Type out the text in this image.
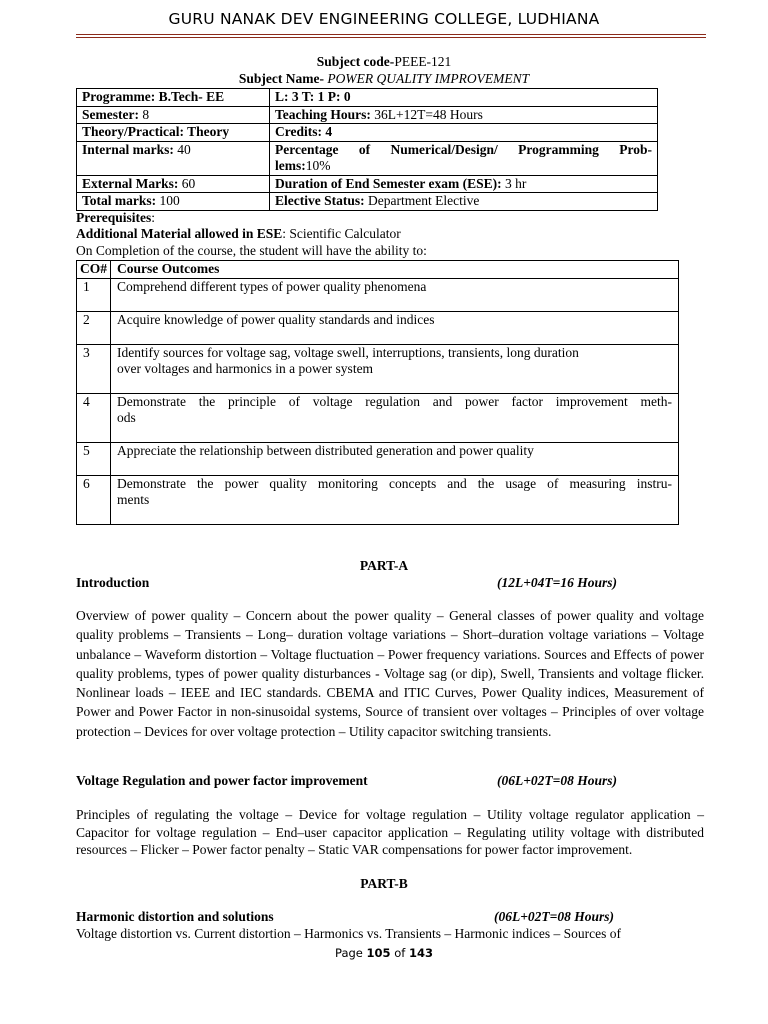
GURU NANAK DEV ENGINEERING COLLEGE, LUDHIANA
Subject code-PEEE-121
Subject Name- POWER QUALITY IMPROVEMENT
Programme: B.Tech- EE	L: 3 T: 1 P: 0
Semester: 8	Teaching Hours: 36L+12T=48 Hours
Theory/Practical: Theory	Credits: 4
Internal marks: 40	Percentage of Numerical/Design/ Programming Prob-
lems:10%

External Marks: 60	Duration of End Semester exam (ESE): 3 hr
Total marks: 100	Elective Status: Department Elective
Prerequisites:
Additional Material allowed in ESE: Scientific Calculator
On Completion of the course, the student will have the ability to:
CO#	Course Outcomes
1	Comprehend different types of power quality phenomena

2	Acquire knowledge of power quality standards and indices

3	Identify sources for voltage sag, voltage swell, interruptions, transients, long duration
over voltages and harmonics in a power system

4	Demonstrate the principle of voltage regulation and power factor improvement meth-
ods

5	Appreciate the relationship between distributed generation and power quality

6	Demonstrate the power quality monitoring concepts and the usage of measuring instru-
ments
PART-A
Introduction	(12L+04T=16 Hours)
Overview of power quality – Concern about the power quality – General classes of power quality and voltage quality problems – Transients – Long– duration voltage variations – Short–duration voltage variations – Voltage unbalance – Waveform distortion – Voltage fluctuation – Power frequency variations. Sources and Effects of power quality problems, types of power quality disturbances - Voltage sag (or dip), Swell, Transients and voltage flicker. Nonlinear loads – IEEE and IEC standards. CBEMA and ITIC Curves, Power Quality indices, Measurement of Power and Power Factor in non-sinusoidal systems, Source of transient over voltages – Principles of over voltage protection – Devices for over voltage protection – Utility capacitor switching transients.
Voltage Regulation and power factor improvement	(06L+02T=08 Hours)
Principles of regulating the voltage – Device for voltage regulation – Utility voltage regulator application – Capacitor for voltage regulation – End–user capacitor application – Regulating utility voltage with distributed resources – Flicker – Power factor penalty – Static VAR compensations for power factor improvement.
PART-B
Harmonic distortion and solutions	(06L+02T=08 Hours)
Voltage distortion vs. Current distortion – Harmonics vs. Transients – Harmonic indices – Sources of
Page 105 of 143
